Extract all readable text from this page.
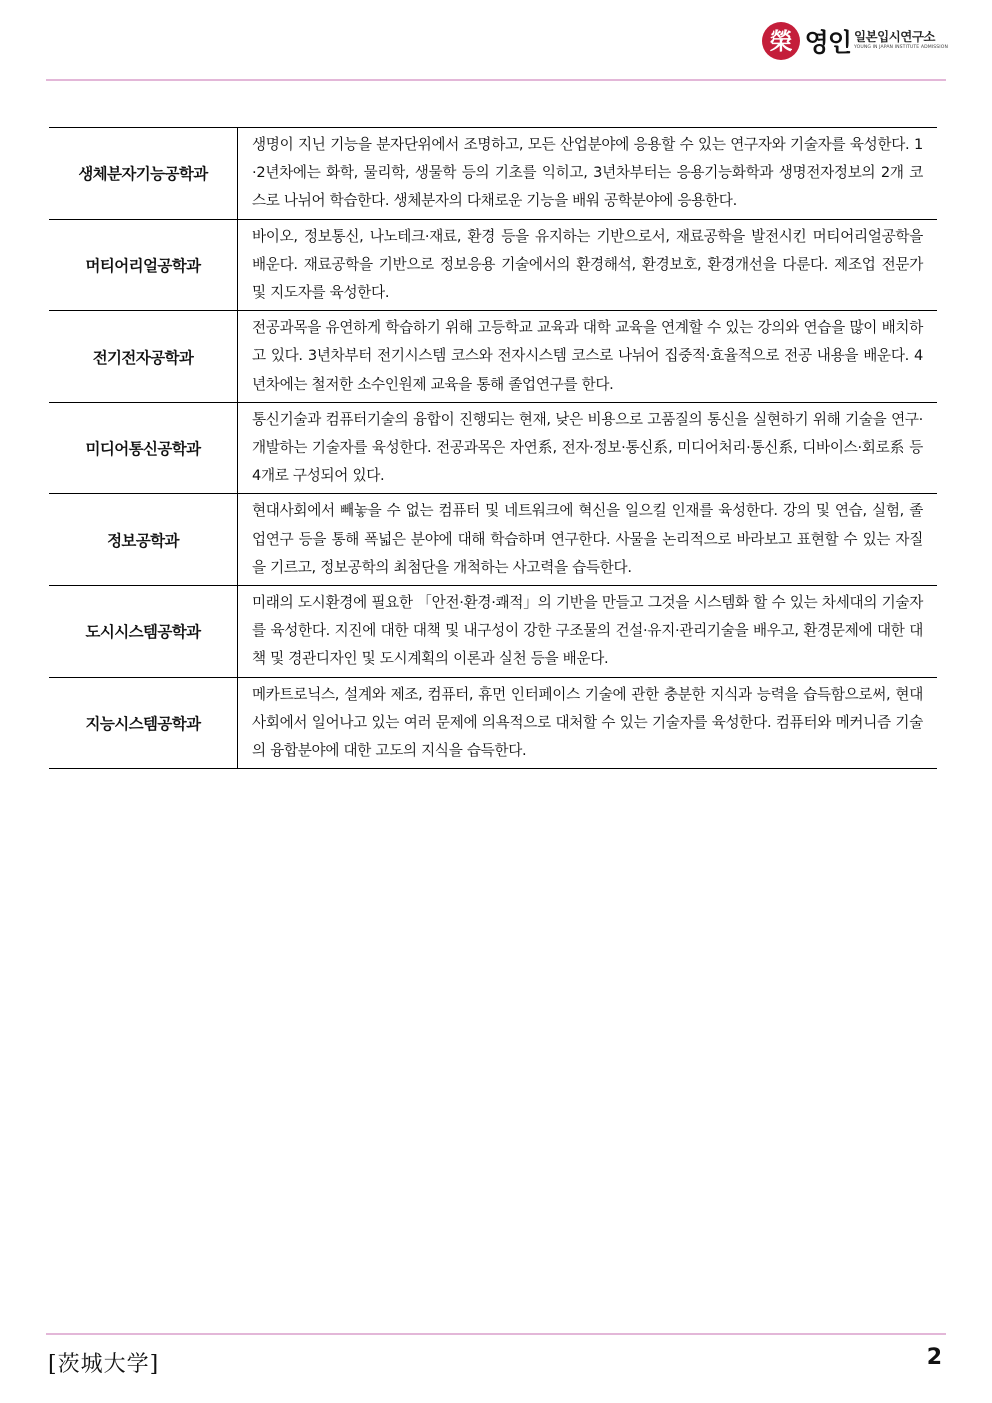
榮 영인 일본입시연구소
YOUNG IN JAPAN INSTITUTE ADMISSION
생체분자기능공학과	생명이 지닌 기능을 분자단위에서 조명하고, 모든 산업분야에 응용할 수 있는 연구자와 기술자를 육성한다. 1·2년차에는 화학, 물리학, 생물학 등의 기초를 익히고, 3년차부터는 응용기능화학과 생명전자정보의 2개 코스로 나뉘어 학습한다. 생체분자의 다채로운 기능을 배워 공학분야에 응용한다.
머티어리얼공학과	바이오, 정보통신, 나노테크·재료, 환경 등을 유지하는 기반으로서, 재료공학을 발전시킨 머티어리얼공학을 배운다. 재료공학을 기반으로 정보응용 기술에서의 환경해석, 환경보호, 환경개선을 다룬다. 제조업 전문가 및 지도자를 육성한다.
전기전자공학과	전공과목을 유연하게 학습하기 위해 고등학교 교육과 대학 교육을 연계할 수 있는 강의와 연습을 많이 배치하고 있다. 3년차부터 전기시스템 코스와 전자시스템 코스로 나뉘어 집중적·효율적으로 전공 내용을 배운다. 4년차에는 철저한 소수인원제 교육을 통해 졸업연구를 한다.
미디어통신공학과	통신기술과 컴퓨터기술의 융합이 진행되는 현재, 낮은 비용으로 고품질의 통신을 실현하기 위해 기술을 연구·개발하는 기술자를 육성한다. 전공과목은 자연系, 전자·정보·통신系, 미디어처리·통신系, 디바이스·회로系 등 4개로 구성되어 있다.
정보공학과	현대사회에서 빼놓을 수 없는 컴퓨터 및 네트워크에 혁신을 일으킬 인재를 육성한다. 강의 및 연습, 실험, 졸업연구 등을 통해 폭넓은 분야에 대해 학습하며 연구한다. 사물을 논리적으로 바라보고 표현할 수 있는 자질을 기르고, 정보공학의 최첨단을 개척하는 사고력을 습득한다.
도시시스템공학과	미래의 도시환경에 필요한 「안전·환경·쾌적」의 기반을 만들고 그것을 시스템화 할 수 있는 차세대의 기술자를 육성한다. 지진에 대한 대책 및 내구성이 강한 구조물의 건설·유지·관리기술을 배우고, 환경문제에 대한 대책 및 경관디자인 및 도시계획의 이론과 실천 등을 배운다.
지능시스템공학과	메카트로닉스, 설계와 제조, 컴퓨터, 휴먼 인터페이스 기술에 관한 충분한 지식과 능력을 습득함으로써, 현대사회에서 일어나고 있는 여러 문제에 의욕적으로 대처할 수 있는 기술자를 육성한다. 컴퓨터와 메커니즘 기술의 융합분야에 대한 고도의 지식을 습득한다.
[茨城大学]	2
